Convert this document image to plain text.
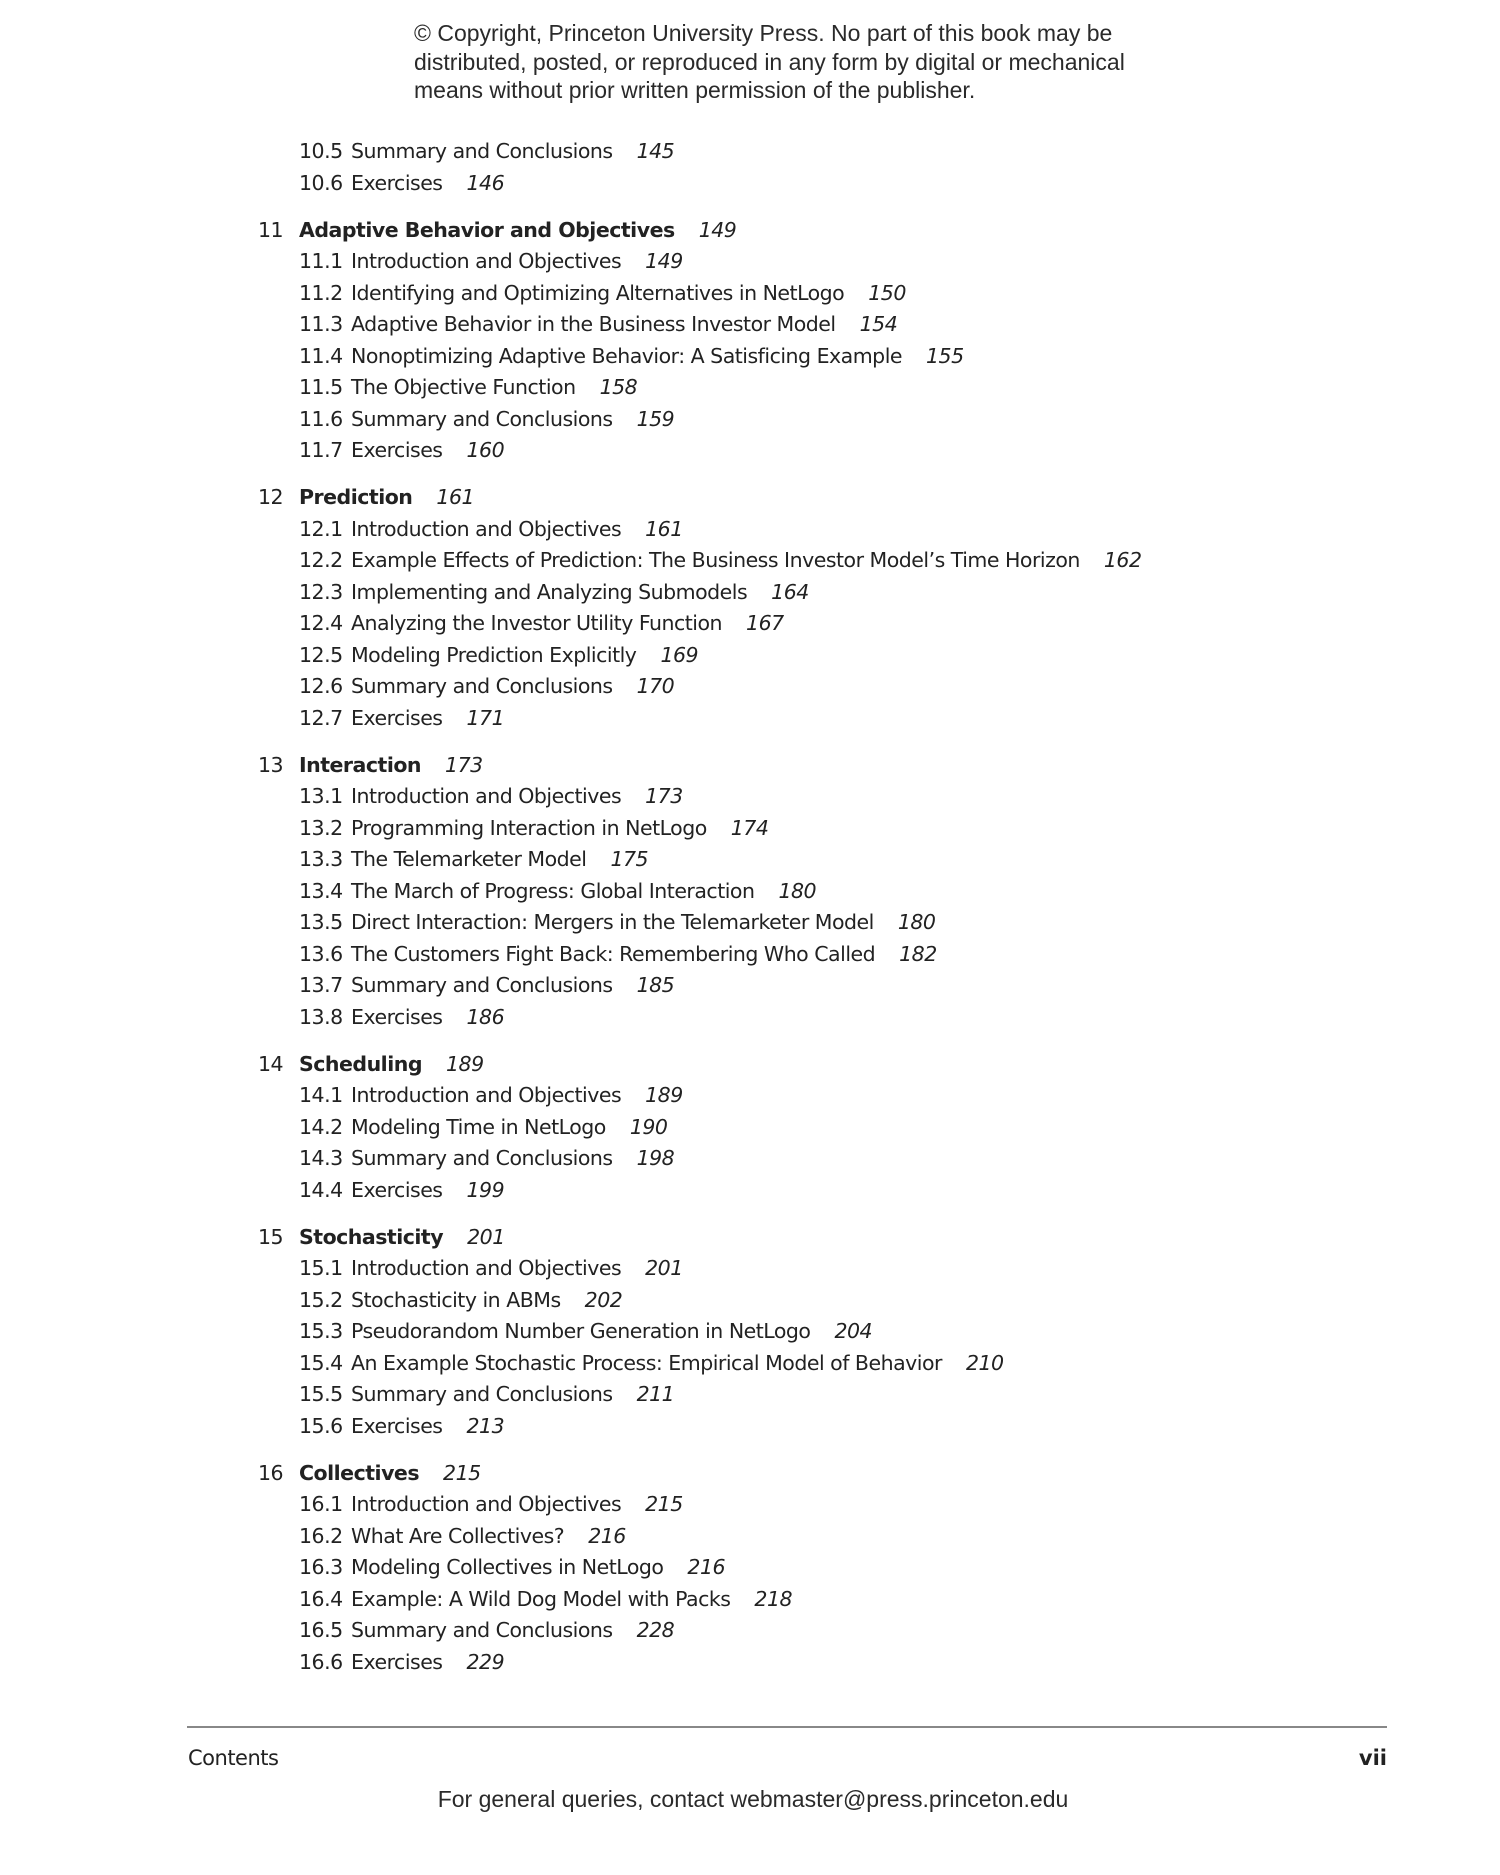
© Copyright, Princeton University Press. No part of this book may be
distributed, posted, or reproduced in any form by digital or mechanical
means without prior written permission of the publisher.
10.5 Summary and Conclusions 145
10.6 Exercises 146
11 Adaptive Behavior and Objectives 149
11.1 Introduction and Objectives 149
11.2 Identifying and Optimizing Alternatives in NetLogo 150
11.3 Adaptive Behavior in the Business Investor Model 154
11.4 Nonoptimizing Adaptive Behavior: A Satisficing Example 155
11.5 The Objective Function 158
11.6 Summary and Conclusions 159
11.7 Exercises 160
12 Prediction 161
12.1 Introduction and Objectives 161
12.2 Example Effects of Prediction: The Business Investor Model’s Time Horizon 162
12.3 Implementing and Analyzing Submodels 164
12.4 Analyzing the Investor Utility Function 167
12.5 Modeling Prediction Explicitly 169
12.6 Summary and Conclusions 170
12.7 Exercises 171
13 Interaction 173
13.1 Introduction and Objectives 173
13.2 Programming Interaction in NetLogo 174
13.3 The Telemarketer Model 175
13.4 The March of Progress: Global Interaction 180
13.5 Direct Interaction: Mergers in the Telemarketer Model 180
13.6 The Customers Fight Back: Remembering Who Called 182
13.7 Summary and Conclusions 185
13.8 Exercises 186
14 Scheduling 189
14.1 Introduction and Objectives 189
14.2 Modeling Time in NetLogo 190
14.3 Summary and Conclusions 198
14.4 Exercises 199
15 Stochasticity 201
15.1 Introduction and Objectives 201
15.2 Stochasticity in ABMs 202
15.3 Pseudorandom Number Generation in NetLogo 204
15.4 An Example Stochastic Process: Empirical Model of Behavior 210
15.5 Summary and Conclusions 211
15.6 Exercises 213
16 Collectives 215
16.1 Introduction and Objectives 215
16.2 What Are Collectives? 216
16.3 Modeling Collectives in NetLogo 216
16.4 Example: A Wild Dog Model with Packs 218
16.5 Summary and Conclusions 228
16.6 Exercises 229
Contents	vii
For general queries, contact webmaster@press.princeton.edu
